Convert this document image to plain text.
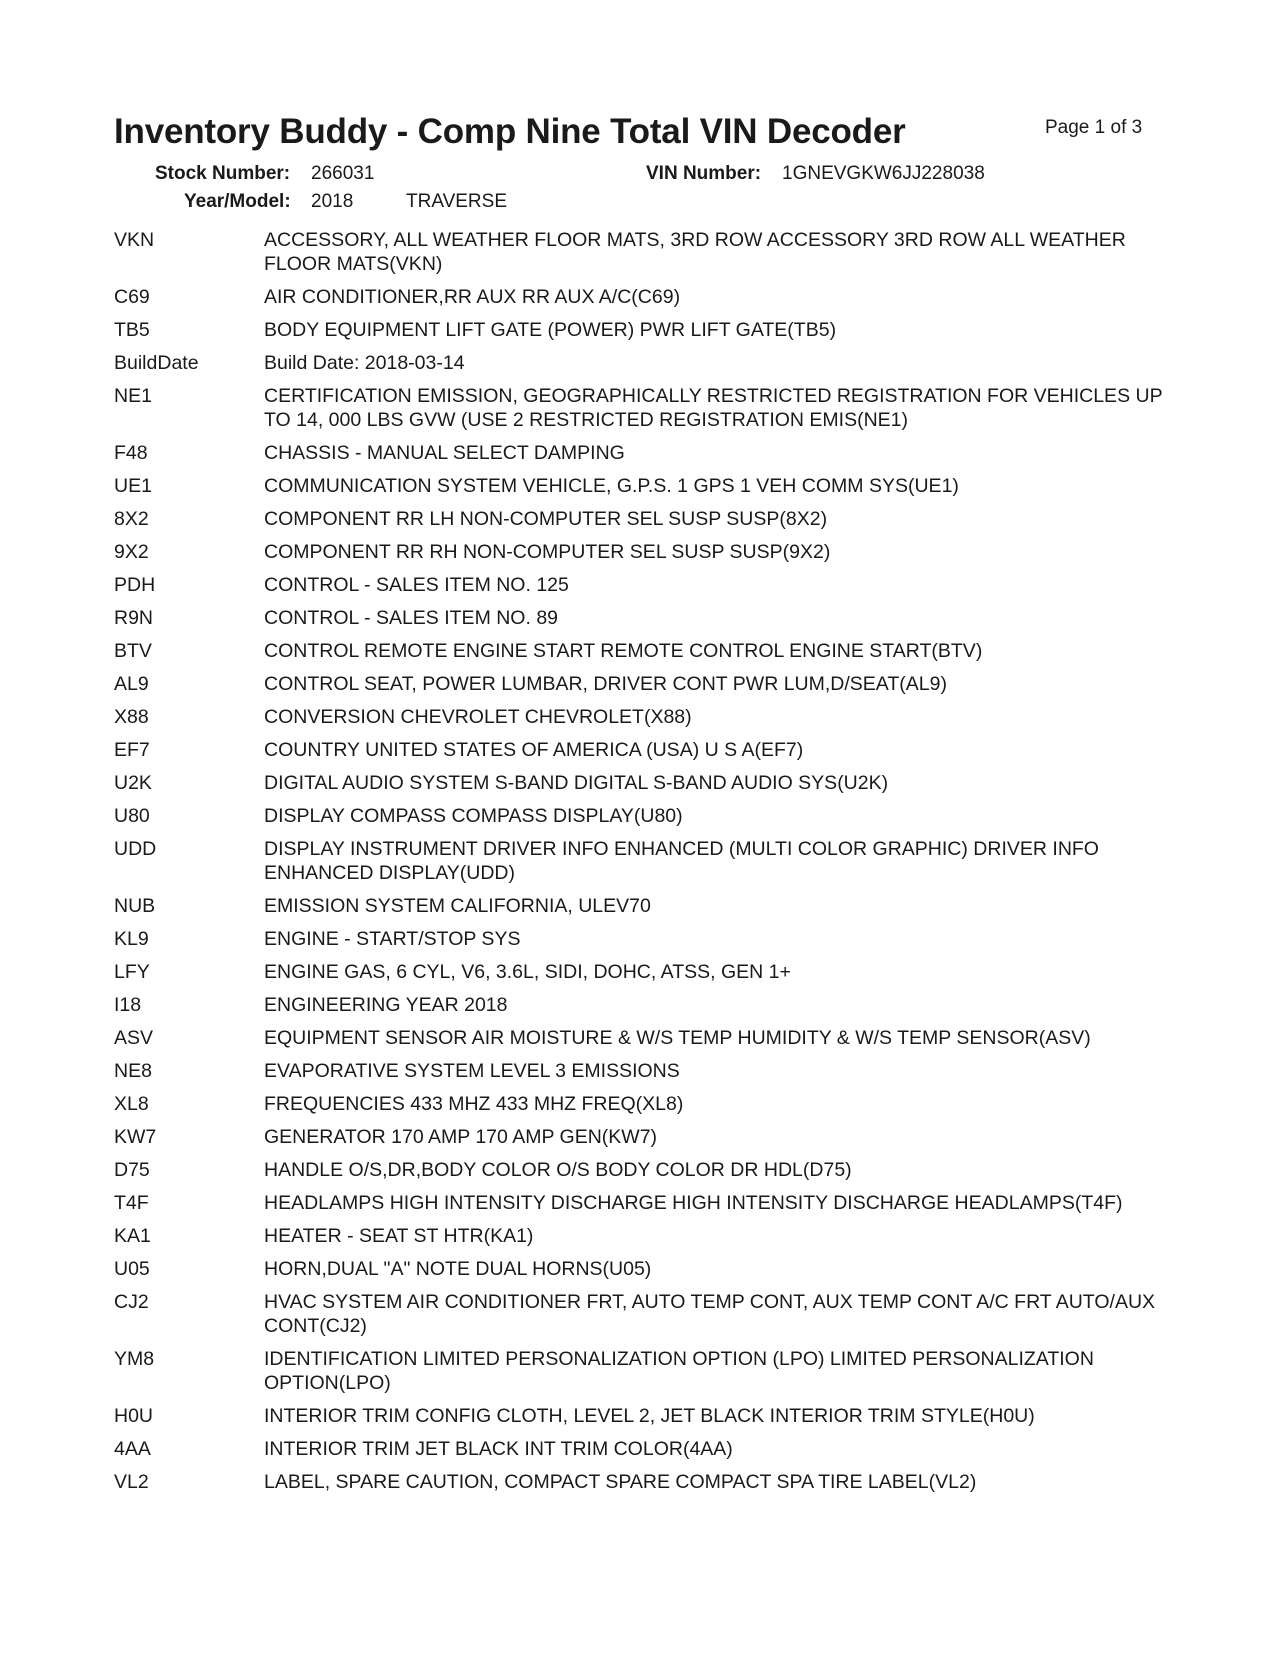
Inventory Buddy - Comp Nine Total VIN Decoder	Page 1 of 3
Stock Number: 266031	VIN Number: 1GNEVGKW6JJ228038
Year/Model: 2018	TRAVERSE
VKN	ACCESSORY, ALL WEATHER FLOOR MATS, 3RD ROW ACCESSORY 3RD ROW ALL WEATHER FLOOR MATS(VKN)
C69	AIR CONDITIONER,RR AUX RR AUX A/C(C69)
TB5	BODY EQUIPMENT LIFT GATE (POWER) PWR LIFT GATE(TB5)
BuildDate	Build Date: 2018-03-14
NE1	CERTIFICATION EMISSION, GEOGRAPHICALLY RESTRICTED REGISTRATION FOR VEHICLES UP TO 14, 000 LBS GVW (USE 2 RESTRICTED REGISTRATION EMIS(NE1)
F48	CHASSIS - MANUAL SELECT DAMPING
UE1	COMMUNICATION SYSTEM VEHICLE, G.P.S. 1 GPS 1 VEH COMM SYS(UE1)
8X2	COMPONENT RR LH NON-COMPUTER SEL SUSP SUSP(8X2)
9X2	COMPONENT RR RH NON-COMPUTER SEL SUSP SUSP(9X2)
PDH	CONTROL - SALES ITEM NO. 125
R9N	CONTROL - SALES ITEM NO. 89
BTV	CONTROL REMOTE ENGINE START REMOTE CONTROL ENGINE START(BTV)
AL9	CONTROL SEAT, POWER LUMBAR, DRIVER CONT PWR LUM,D/SEAT(AL9)
X88	CONVERSION CHEVROLET CHEVROLET(X88)
EF7	COUNTRY UNITED STATES OF AMERICA (USA) U S A(EF7)
U2K	DIGITAL AUDIO SYSTEM S-BAND DIGITAL S-BAND AUDIO SYS(U2K)
U80	DISPLAY COMPASS COMPASS DISPLAY(U80)
UDD	DISPLAY INSTRUMENT DRIVER INFO ENHANCED (MULTI COLOR GRAPHIC) DRIVER INFO ENHANCED DISPLAY(UDD)
NUB	EMISSION SYSTEM CALIFORNIA, ULEV70
KL9	ENGINE - START/STOP SYS
LFY	ENGINE GAS, 6 CYL, V6, 3.6L, SIDI, DOHC, ATSS, GEN 1+
I18	ENGINEERING YEAR 2018
ASV	EQUIPMENT SENSOR AIR MOISTURE & W/S TEMP HUMIDITY & W/S TEMP SENSOR(ASV)
NE8	EVAPORATIVE SYSTEM LEVEL 3 EMISSIONS
XL8	FREQUENCIES 433 MHZ 433 MHZ FREQ(XL8)
KW7	GENERATOR 170 AMP 170 AMP GEN(KW7)
D75	HANDLE O/S,DR,BODY COLOR O/S BODY COLOR DR HDL(D75)
T4F	HEADLAMPS HIGH INTENSITY DISCHARGE HIGH INTENSITY DISCHARGE HEADLAMPS(T4F)
KA1	HEATER - SEAT ST HTR(KA1)
U05	HORN,DUAL "A" NOTE DUAL HORNS(U05)
CJ2	HVAC SYSTEM AIR CONDITIONER FRT, AUTO TEMP CONT, AUX TEMP CONT A/C FRT AUTO/AUX CONT(CJ2)
YM8	IDENTIFICATION LIMITED PERSONALIZATION OPTION (LPO) LIMITED PERSONALIZATION OPTION(LPO)
H0U	INTERIOR TRIM CONFIG CLOTH, LEVEL 2, JET BLACK INTERIOR TRIM STYLE(H0U)
4AA	INTERIOR TRIM JET BLACK INT TRIM COLOR(4AA)
VL2	LABEL, SPARE CAUTION, COMPACT SPARE COMPACT SPA TIRE LABEL(VL2)
